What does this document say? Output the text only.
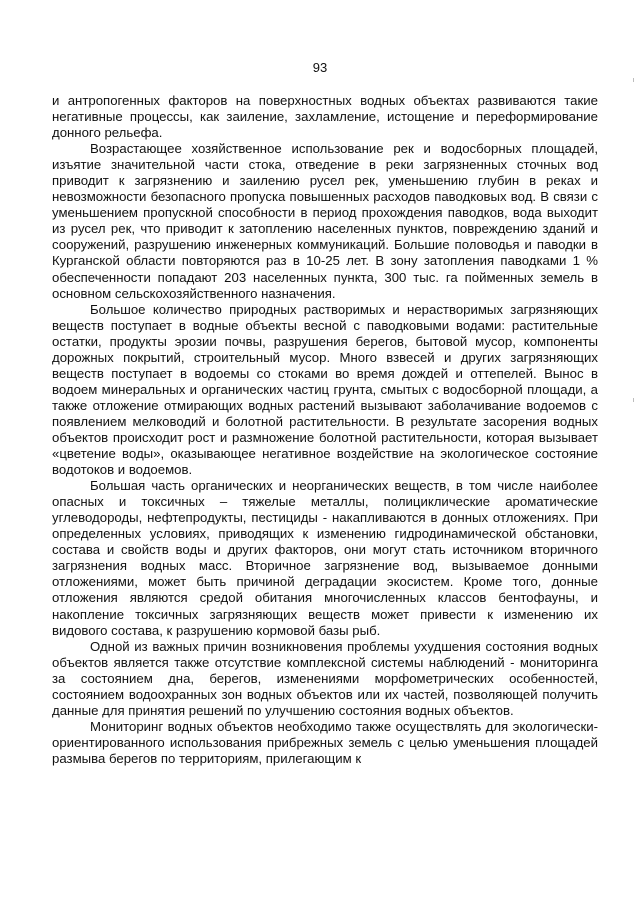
93

и антропогенных факторов на поверхностных водных объектах развиваются такие негативные процессы, как заиление, захламление, истощение и переформирование донного рельефа.

Возрастающее хозяйственное использование рек и водосборных площадей, изъятие значительной части стока, отведение в реки загрязненных сточных вод приводит к загрязнению и заилению русел рек, уменьшению глубин в реках и невозможности безопасного пропуска повышенных расходов паводковых вод. В связи с уменьшением пропускной способности в период прохождения паводков, вода выходит из русел рек, что приводит к затоплению населенных пунктов, повреждению зданий и сооружений, разрушению инженерных коммуникаций. Большие половодья и паводки в Курганской области повторяются раз в 10-25 лет. В зону затопления паводками 1 % обеспеченности попадают 203 населенных пункта, 300 тыс. га пойменных земель в основном сельскохозяйственного назначения.

Большое количество природных растворимых и нерастворимых загрязняющих веществ поступает в водные объекты весной с паводковыми водами: растительные остатки, продукты эрозии почвы, разрушения берегов, бытовой мусор, компоненты дорожных покрытий, строительный мусор. Много взвесей и других загрязняющих веществ поступает в водоемы со стоками во время дождей и оттепелей. Вынос в водоем минеральных и органических частиц грунта, смытых с водосборной площади, а также отложение отмирающих водных растений вызывают заболачивание водоемов с появлением мелководий и болотной растительности. В результате засорения водных объектов происходит рост и размножение болотной растительности, которая вызывает «цветение воды», оказывающее негативное воздействие на экологическое состояние водотоков и водоемов.

Большая часть органических и неорганических веществ, в том числе наиболее опасных и токсичных – тяжелые металлы, полициклические ароматические углеводороды, нефтепродукты, пестициды - накапливаются в донных отложениях. При определенных условиях, приводящих к изменению гидродинамической обстановки, состава и свойств воды и других факторов, они могут стать источником вторичного загрязнения водных масс. Вторичное загрязнение вод, вызываемое донными отложениями, может быть причиной деградации экосистем. Кроме того, донные отложения являются средой обитания многочисленных классов бентофауны, и накопление токсичных загрязняющих веществ может привести к изменению их видового состава, к разрушению кормовой базы рыб.

Одной из важных причин возникновения проблемы ухудшения состояния водных объектов является также отсутствие комплексной системы наблюдений - мониторинга за состоянием дна, берегов, изменениями морфометрических особенностей, состоянием водоохранных зон водных объектов или их частей, позволяющей получить данные для принятия решений по улучшению состояния водных объектов.

Мониторинг водных объектов необходимо также осуществлять для экологически-ориентированного использования прибрежных земель с целью уменьшения площадей размыва берегов по территориям, прилегающим к
